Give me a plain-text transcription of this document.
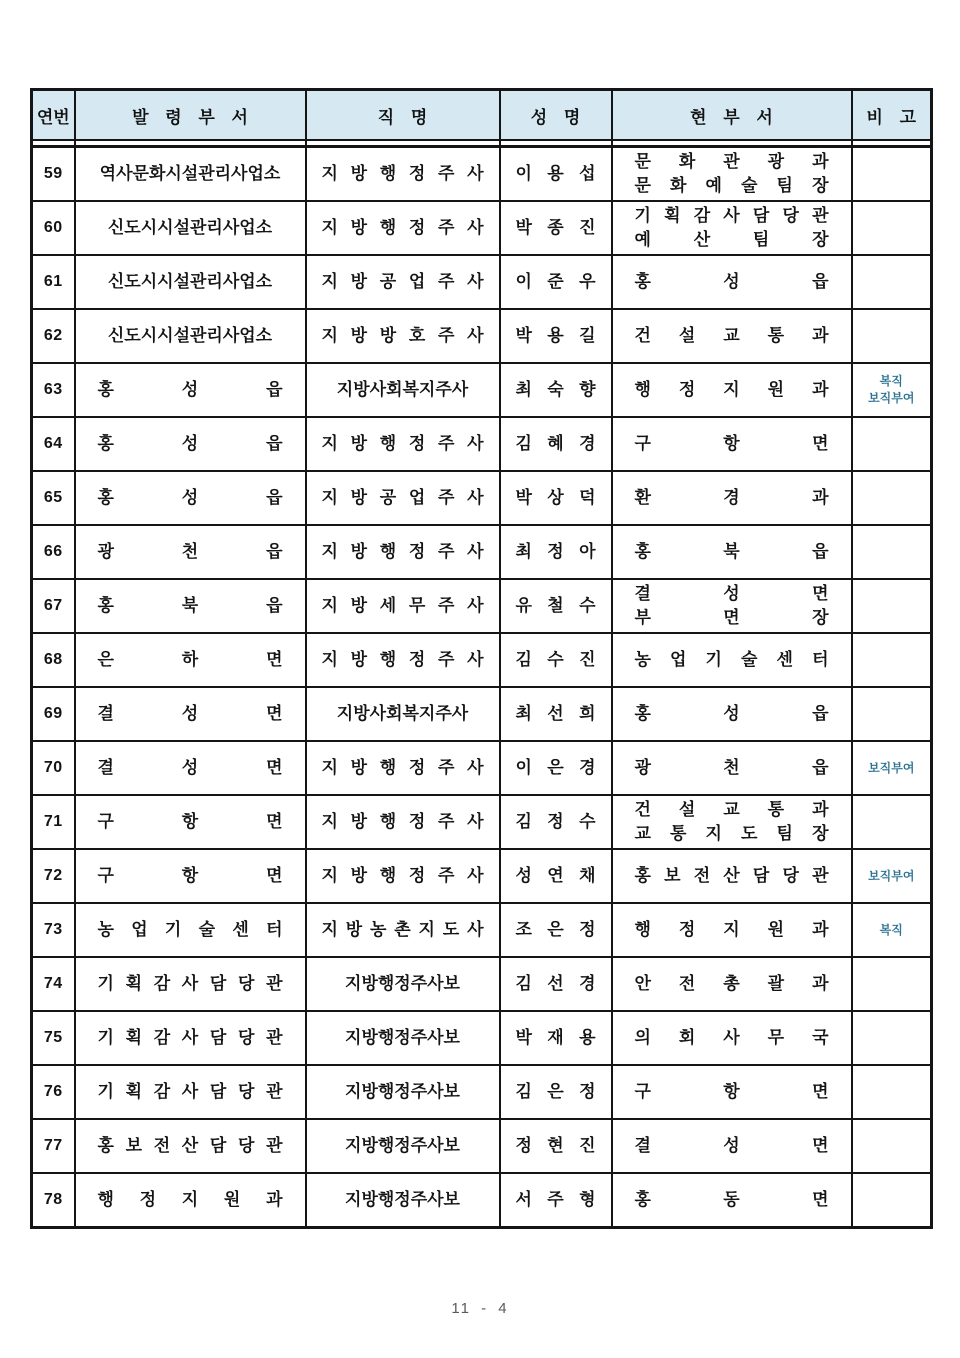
연번	발 령 부 서	직 명	성 명	현 부 서	비 고

59	역사문화시설관리사업소	지 방 행 정 주 사	이 용 섭	문 화 관 광 과
문 화 예 술 팀 장	

60	신도시시설관리사업소	지 방 행 정 주 사	박 종 진	기 획 감 사 담 당 관
예 산 팀 장	

61	신도시시설관리사업소	지 방 공 업 주 사	이 준 우	홍 성 읍	

62	신도시시설관리사업소	지 방 방 호 주 사	박 용 길	건 설 교 통 과	

63	홍 성 읍	지방사회복지주사	최 숙 향	행 정 지 원 과	복직
보직부여

64	홍 성 읍	지 방 행 정 주 사	김 혜 경	구 항 면	

65	홍 성 읍	지 방 공 업 주 사	박 상 덕	환 경 과	

66	광 천 읍	지 방 행 정 주 사	최 정 아	홍 북 읍	

67	홍 북 읍	지 방 세 무 주 사	유 철 수	결 성 면
부 면 장	

68	은 하 면	지 방 행 정 주 사	김 수 진	농 업 기 술 센 터	

69	결 성 면	지방사회복지주사	최 선 희	홍 성 읍	

70	결 성 면	지 방 행 정 주 사	이 은 경	광 천 읍	보직부여

71	구 항 면	지 방 행 정 주 사	김 정 수	건 설 교 통 과
교 통 지 도 팀 장	

72	구 항 면	지 방 행 정 주 사	성 연 채	홍 보 전 산 담 당 관	보직부여

73	농 업 기 술 센 터	지 방 농 촌 지 도 사	조 은 정	행 정 지 원 과	복직

74	기 획 감 사 담 당 관	지방행정주사보	김 선 경	안 전 총 괄 과	

75	기 획 감 사 담 당 관	지방행정주사보	박 재 용	의 회 사 무 국	

76	기 획 감 사 담 당 관	지방행정주사보	김 은 정	구 항 면	

77	홍 보 전 산 담 당 관	지방행정주사보	정 현 진	결 성 면	

78	행 정 지 원 과	지방행정주사보	서 주 형	홍 동 면	

11 - 4
